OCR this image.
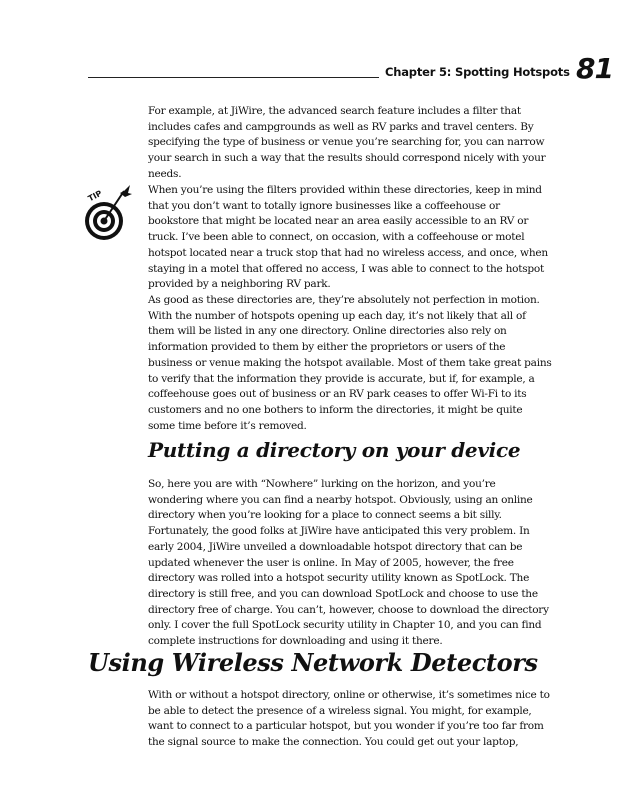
Chapter 5: Spotting Hotspots 81

For example, at JiWire, the advanced search feature includes a filter that includes cafes and campgrounds as well as RV parks and travel centers. By specifying the type of business or venue you’re searching for, you can narrow your search in such a way that the results should correspond nicely with your needs.

TIP	When you’re using the filters provided within these directories, keep in mind that you don’t want to totally ignore businesses like a coffeehouse or bookstore that might be located near an area easily accessible to an RV or truck. I’ve been able to connect, on occasion, with a coffeehouse or motel hotspot located near a truck stop that had no wireless access, and once, when staying in a motel that offered no access, I was able to connect to the hotspot provided by a neighboring RV park.

As good as these directories are, they’re absolutely not perfection in motion. With the number of hotspots opening up each day, it’s not likely that all of them will be listed in any one directory. Online directories also rely on information provided to them by either the proprietors or users of the business or venue making the hotspot available. Most of them take great pains to verify that the information they provide is accurate, but if, for example, a coffeehouse goes out of business or an RV park ceases to offer Wi-Fi to its customers and no one bothers to inform the directories, it might be quite some time before it’s removed.

Putting a directory on your device

So, here you are with “Nowhere” lurking on the horizon, and you’re wondering where you can find a nearby hotspot. Obviously, using an online directory when you’re looking for a place to connect seems a bit silly. Fortunately, the good folks at JiWire have anticipated this very problem. In early 2004, JiWire unveiled a downloadable hotspot directory that can be updated whenever the user is online. In May of 2005, however, the free directory was rolled into a hotspot security utility known as SpotLock. The directory is still free, and you can download SpotLock and choose to use the directory free of charge. You can’t, however, choose to download the directory only. I cover the full SpotLock security utility in Chapter 10, and you can find complete instructions for downloading and using it there.

Using Wireless Network Detectors

With or without a hotspot directory, online or otherwise, it’s sometimes nice to be able to detect the presence of a wireless signal. You might, for example, want to connect to a particular hotspot, but you wonder if you’re too far from the signal source to make the connection. You could get out your laptop,
